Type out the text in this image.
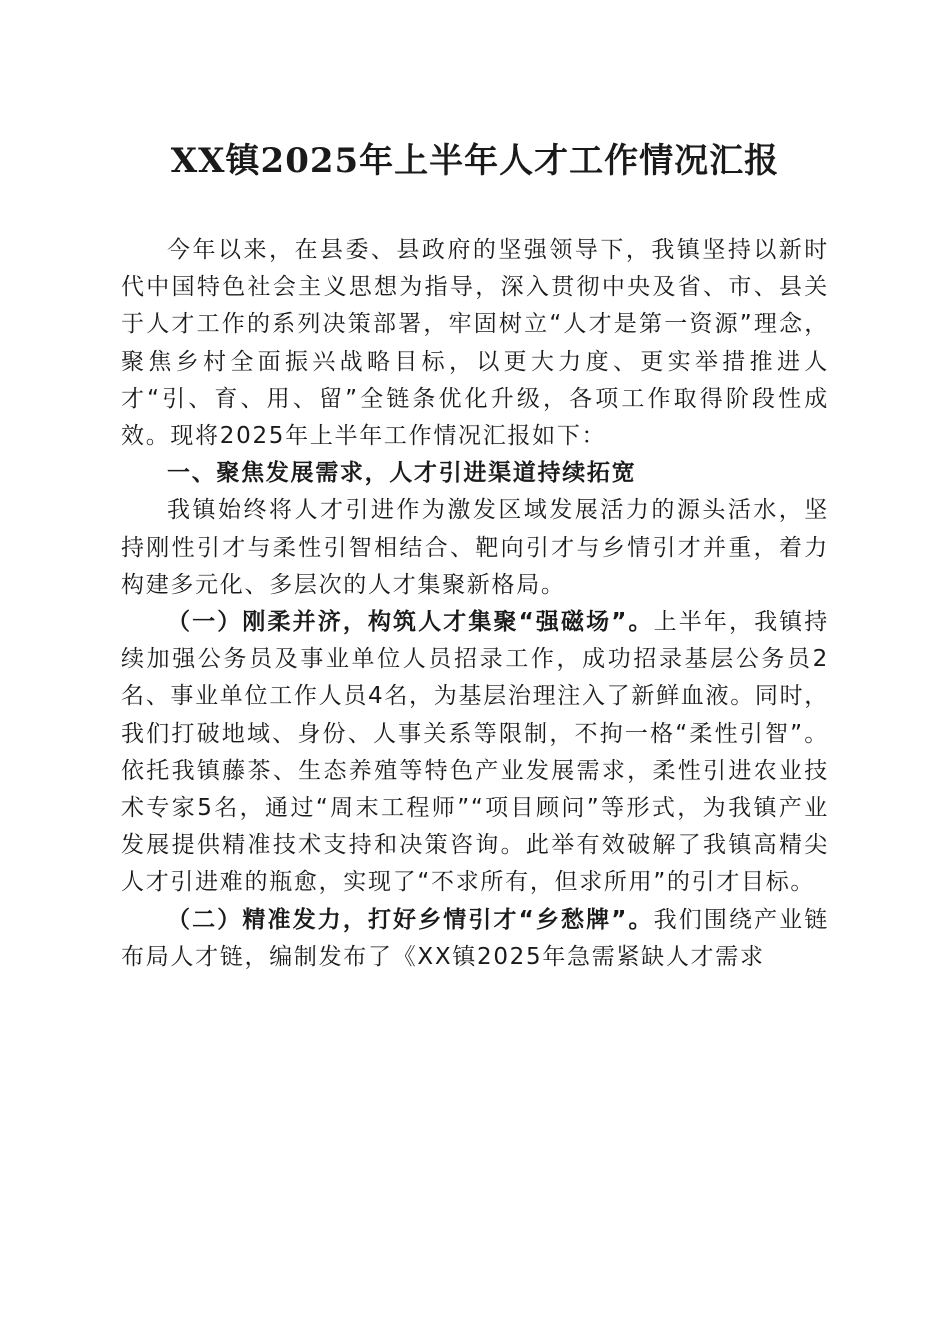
XX镇2025年上半年人才工作情况汇报

今年以来，在县委、县政府的坚强领导下，我镇坚持以新时代中国特色社会主义思想为指导，深入贯彻中央及省、市、县关于人才工作的系列决策部署，牢固树立“人才是第一资源”理念，聚焦乡村全面振兴战略目标，以更大力度、更实举措推进人才“引、育、用、留”全链条优化升级，各项工作取得阶段性成效。现将2025年上半年工作情况汇报如下：

一、聚焦发展需求，人才引进渠道持续拓宽

我镇始终将人才引进作为激发区域发展活力的源头活水，坚持刚性引才与柔性引智相结合、靶向引才与乡情引才并重，着力构建多元化、多层次的人才集聚新格局。

（一）刚柔并济，构筑人才集聚“强磁场”。上半年，我镇持续加强公务员及事业单位人员招录工作，成功招录基层公务员2名、事业单位工作人员4名，为基层治理注入了新鲜血液。同时，我们打破地域、身份、人事关系等限制，不拘一格“柔性引智”。依托我镇藤茶、生态养殖等特色产业发展需求，柔性引进农业技术专家5名，通过“周末工程师”“项目顾问”等形式，为我镇产业发展提供精准技术支持和决策咨询。此举有效破解了我镇高精尖人才引进难的瓶愈，实现了“不求所有，但求所用”的引才目标。

（二）精准发力，打好乡情引才“乡愁牌”。我们围绕产业链布局人才链，编制发布了《XX镇2025年急需紧缺人才需求
